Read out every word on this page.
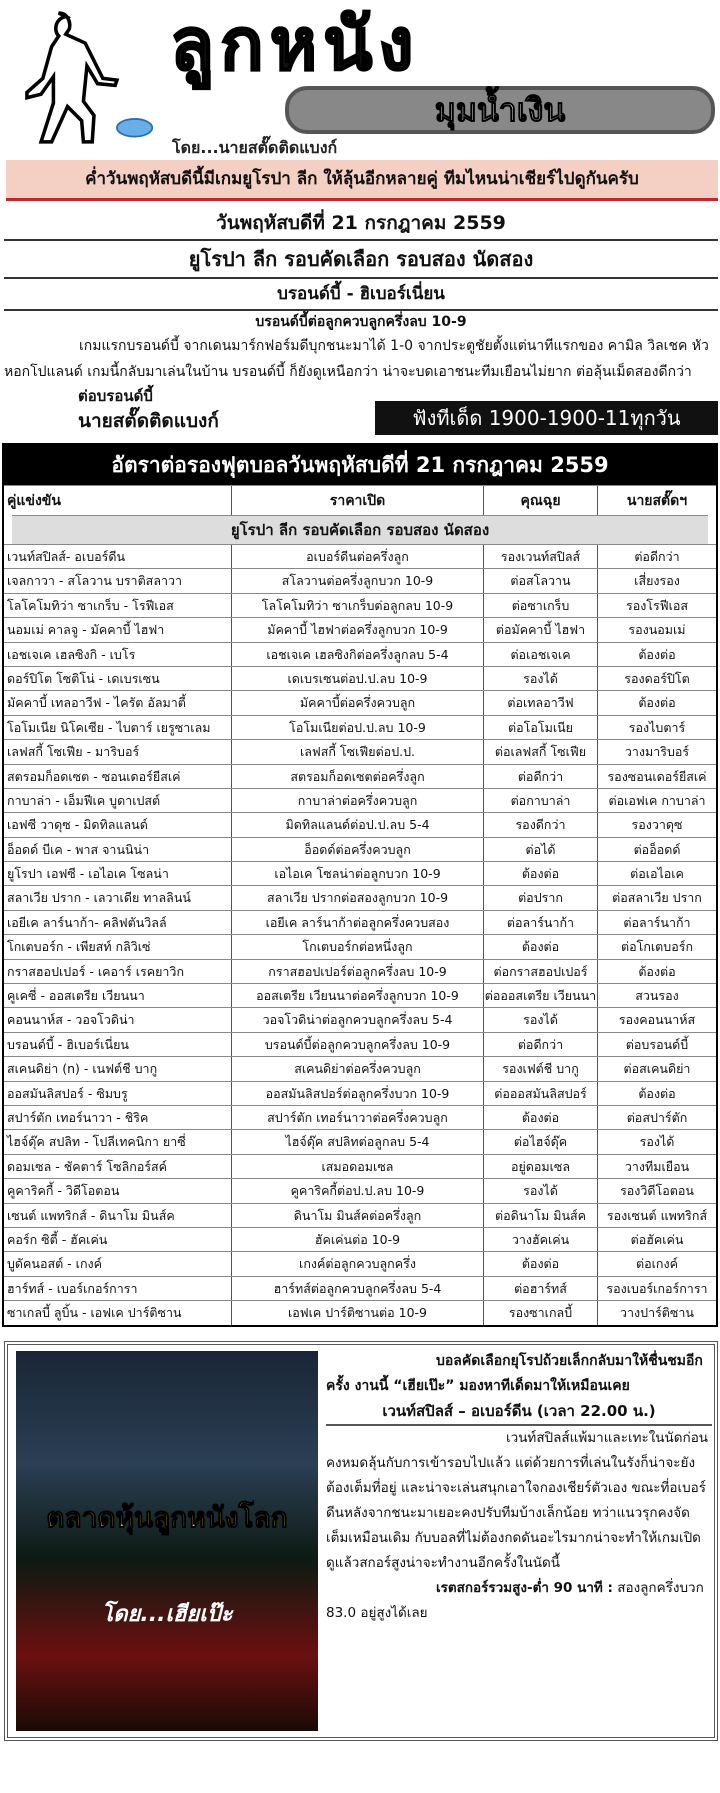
ลูกหนัง
มุมน้ำเงิน
โดย...นายสตั๊ดติดแบงก์
ค่ำวันพฤหัสบดีนี้มีเกมยูโรปา ลีก ให้ลุ้นอีกหลายคู่ ทีมไหนน่าเชียร์ไปดูกันครับ
วันพฤหัสบดีที่ 21 กรกฎาคม 2559
ยูโรปา ลีก รอบคัดเลือก รอบสอง นัดสอง
บรอนด์บี้ - ฮิเบอร์เนี่ยน
บรอนด์บี้ต่อลูกควบลูกครึ่งลบ 10-9
เกมแรกบรอนด์บี้ จากเดนมาร์กฟอร์มดีบุกชนะมาได้ 1-0 จากประตูชัยตั้งแต่นาทีแรกของ คามิล วิลเชค หัวหอกโปแลนด์ เกมนี้กลับมาเล่นในบ้าน บรอนด์บี้ ก็ยังดูเหนือกว่า น่าจะบดเอาชนะทีมเยือนไม่ยาก ต่อลุ้นเม็ดสองดีกว่า
ต่อบรอนด์บี้
นายสตั๊ดติดแบงก์	ฟังทีเด็ด 1900-1900-11ทุกวัน
อัตราต่อรองฟุตบอลวันพฤหัสบดีที่ 21 กรกฎาคม 2559
คู่แข่งขัน	ราคาเปิด	คุณฉุย	นายสตั๊ดฯ
ยูโรปา ลีก รอบคัดเลือก รอบสอง นัดสอง
เวนท์สปิลส์- อเบอร์ดีน	อเบอร์ดีนต่อครึ่งลูก	รองเวนท์สปิลส์	ต่อดีกว่า
เจลกาวา - สโลวาน บราติสลาวา	สโลวานต่อครึ่งลูกบวก 10-9	ต่อสโลวาน	เสี่ยงรอง
โลโคโมทิว่า ซาเกร็บ - โรฟีเอส	โลโคโมทิว่า ซาเกร็บต่อลูกลบ 10-9	ต่อซาเกร็บ	รองโรฟีเอส
นอมเม่ คาลจู - มัคคาบี้ ไฮฟา	มัคคาบี้ ไฮฟาต่อครึ่งลูกบวก 10-9	ต่อมัคคาบี้ ไฮฟา	รองนอมเม่
เอชเจเค เฮลซิงกิ - เบโร	เอชเจเค เฮลซิงกิต่อครึ่งลูกลบ 5-4	ต่อเอชเจเค	ต้องต่อ
ดอร์ปิโต โซติโน่ - เดเบรเซน	เดเบรเซนต่อป.ป.ลบ 10-9	รองได้	รองดอร์ปิโต
มัคคาบี้ เทลอาวีฟ - ไครัต อัลมาตี้	มัคคาบี้ต่อครึ่งควบลูก	ต่อเทลอาวีฟ	ต้องต่อ
โอโมเนีย นิโคเซีย - ไบตาร์ เยรูซาเลม	โอโมเนียต่อป.ป.ลบ 10-9	ต่อโอโมเนีย	รองไบตาร์
เลฟสกี้ โซเฟีย - มาริบอร์	เลฟสกี้ โซเฟียต่อป.ป.	ต่อเลฟสกี้ โซเฟีย	วางมาริบอร์
สตรอมก็อดเซต - ซอนเดอร์ยีสเค่	สตรอมก็อดเซตต่อครึ่งลูก	ต่อดีกว่า	รองซอนเดอร์ยีสเค่
กาบาล่า - เอ็มฟีเค บูดาเปสต์	กาบาล่าต่อครึ่งควบลูก	ต่อกาบาล่า	ต่อเอฟเค กาบาล่า
เอฟซี วาดุซ - มิดทิลแลนด์	มิดทิลแลนด์ต่อป.ป.ลบ 5-4	รองดีกว่า	รองวาดุซ
อ็อดด์ บีเค - พาส จานนิน่า	อ็อดด์ต่อครึ่งควบลูก	ต่อได้	ต่ออ็อดด์
ยูโรปา เอฟซี - เอไอเค โซลน่า	เอไอเค โซลน่าต่อลูกบวก 10-9	ต้องต่อ	ต่อเอไอเค
สลาเวีย ปราก - เลวาเดีย ทาลลินน์	สลาเวีย ปรากต่อสองลูกบวก 10-9	ต่อปราก	ต่อสลาเวีย ปราก
เอยีเค ลาร์นาก้า- คลิฟตันวิลล์	เอยีเค ลาร์นาก้าต่อลูกครึ่งควบสอง	ต่อลาร์นาก้า	ต่อลาร์นาก้า
โกเตบอร์ก - เพียสท์ กลิวิเซ่	โกเตบอร์กต่อหนึ่งลูก	ต้องต่อ	ต่อโกเตบอร์ก
กราสฮอปเปอร์ - เคอาร์ เรคยาวิก	กราสฮอปเปอร์ต่อลูกครึ่งลบ 10-9	ต่อกราสฮอปเปอร์	ต้องต่อ
คูเคซี่ - ออสเตรีย เวียนนา	ออสเตรีย เวียนนาต่อครึ่งลูกบวก 10-9	ต่อออสเตรีย เวียนนา	สวนรอง
คอนนาห์ส - วอจโวดิน่า	วอจโวดิน่าต่อลูกควบลูกครึ่งลบ 5-4	รองได้	รองคอนนาห์ส
บรอนด์บี้ - ฮิเบอร์เนี่ยน	บรอนด์บี้ต่อลูกควบลูกครึ่งลบ 10-9	ต่อดีกว่า	ต่อบรอนด์บี้
สเคนดิย่า (n) - เนฟต์ชี บากู	สเคนดิย่าต่อครึ่งควบลูก	รองเฟต์ชี บากู	ต่อสเคนดิย่า
ออสมันลิสปอร์ - ซิมบรู	ออสมันลิสปอร์ต่อลูกครึ่งบวก 10-9	ต่อออสมันลิสปอร์	ต้องต่อ
สปาร์ตัก เทอร์นาวา - ชิริค	สปาร์ตัก เทอร์นาวาต่อครึ่งควบลูก	ต้องต่อ	ต่อสปาร์ตัก
ไฮจ์ดุ๊ค สปลิท - โปลีเทคนิกา ยาซี่	ไฮจ์ดุ๊ค สปลิทต่อลูกลบ 5-4	ต่อไฮจ์ดุ๊ค	รองได้
ดอมเซล - ชัคตาร์ โซลิกอร์สค์	เสมอดอมเซล	อยู่ดอมเซล	วางทีมเยือน
คูคาริคกี้ - วิดีโอตอน	คูคาริคกี้ต่อป.ป.ลบ 10-9	รองได้	รองวิดีโอตอน
เซนต์ แพทริกส์ - ดินาโม มินส์ค	ดินาโม มินส์คต่อครึ่งลูก	ต่อดินาโม มินส์ค	รองเซนต์ แพทริกส์
คอร์ก ซิตี้ - ฮัคเค่น	ฮัคเค่นต่อ 10-9	วางฮัคเค่น	ต่อฮัคเค่น
บูดัคนอสต์ - เกงค์	เกงค์ต่อลูกควบลูกครึ่ง	ต้องต่อ	ต่อเกงค์
ฮาร์ทส์ - เบอร์เกอร์การา	ฮาร์ทส์ต่อลูกควบลูกครึ่งลบ 5-4	ต่อฮาร์ทส์	รองเบอร์เกอร์การา
ซาเกลบี้ ลูบิ้น - เอฟเค ปาร์ติซาน	เอฟเค ปาร์ติซานต่อ 10-9	รองซาเกลบี้	วางปาร์ติซาน
ตลาดหุ้นลูกหนังโลก
โดย...เฮียเป๊ะ
บอลคัดเลือกยุโรปถ้วยเล็กกลับมาให้ชื่นชมอีกครั้ง งานนี้ “เฮียเป๊ะ” มองหาทีเด็ดมาให้เหมือนเคย
เวนท์สปิลส์ – อเบอร์ดีน (เวลา 22.00 น.)
เวนท์สปิลส์แพ้มาและเทะในนัดก่อน คงหมดลุ้นกับการเข้ารอบไปแล้ว แต่ด้วยการที่เล่นในรังก็น่าจะยังต้องเต็มที่อยู่ และน่าจะเล่นสนุกเอาใจกองเชียร์ตัวเอง ขณะที่อเบอร์ดีนหลังจากชนะมาเยอะคงปรับทีมบ้างเล็กน้อย ทว่าแนวรุกคงจัดเต็มเหมือนเดิม กับบอลที่ไม่ต้องกดดันอะไรมากน่าจะทำให้เกมเปิด ดูแล้วสกอร์สูงน่าจะทำงานอีกครั้งในนัดนี้
เรตสกอร์รวมสูง-ต่ำ 90 นาที : สองลูกครึ่งบวก 83.0 อยู่สูงได้เลย
